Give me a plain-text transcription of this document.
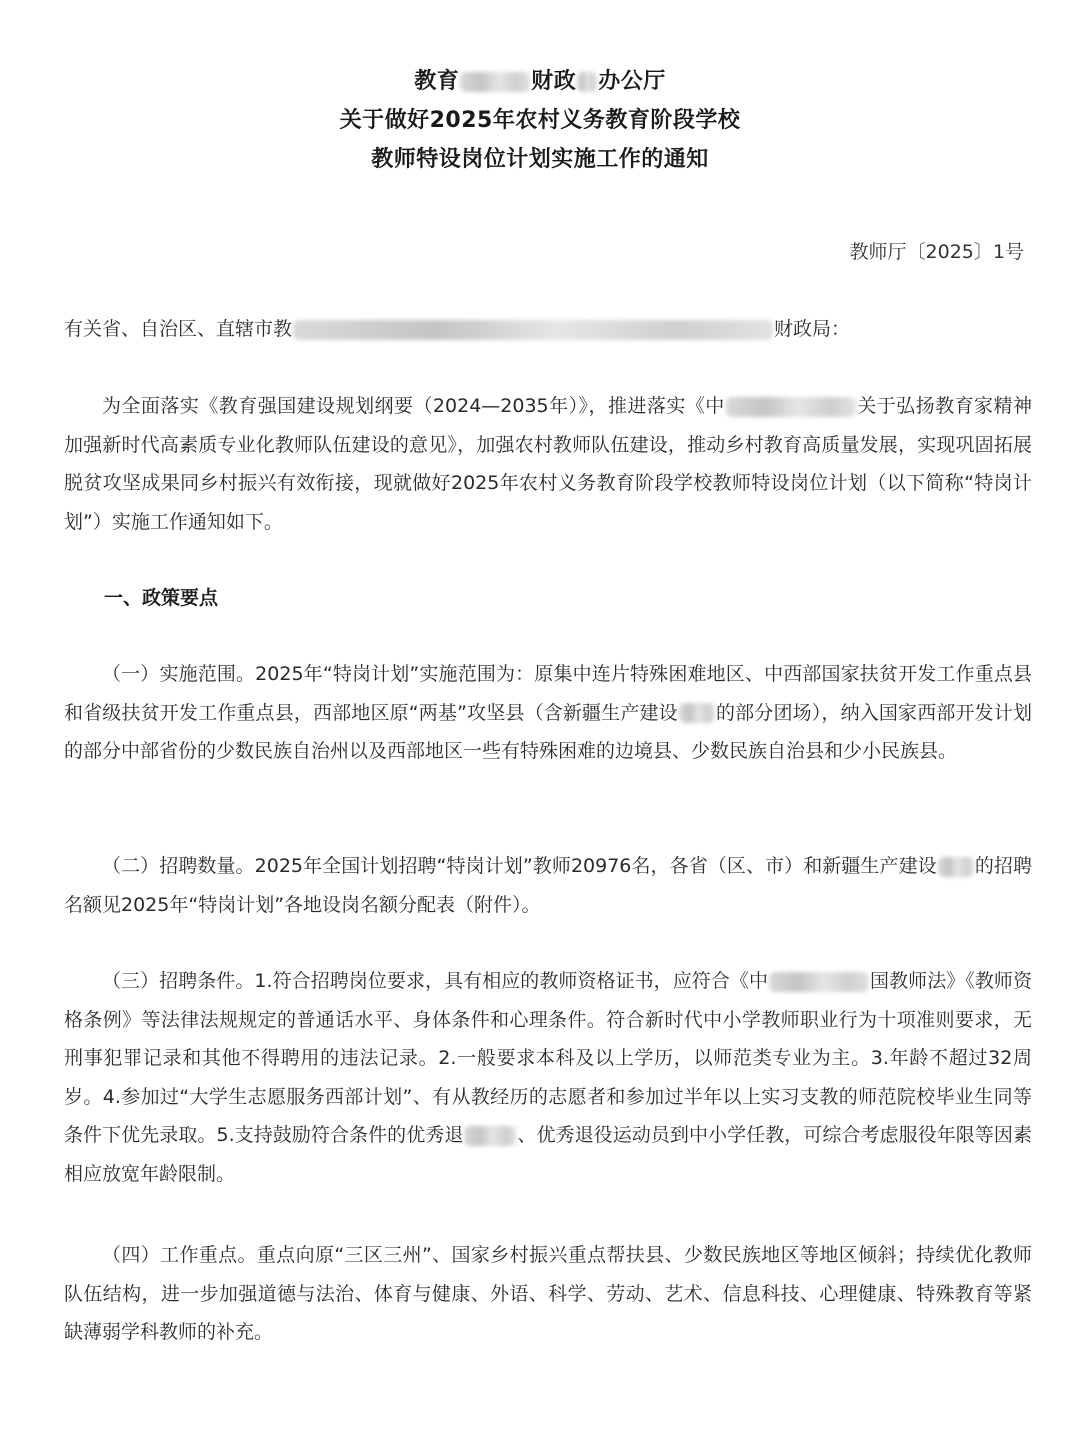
教育	财政 办公厅
关于做好2025年农村义务教育阶段学校
教师特设岗位计划实施工作的通知
教师厅〔2025〕1号
有关省、自治区、直辖市教	财政局：
为全面落实《教育强国建设规划纲要（2024—2035年）》，推进落实《中	关于弘扬教育家精神加强新时代高素质专业化教师队伍建设的意见》，加强农村教师队伍建设，推动乡村教育高质量发展，实现巩固拓展脱贫攻坚成果同乡村振兴有效衔接，现就做好2025年农村义务教育阶段学校教师特设岗位计划（以下简称“特岗计划”）实施工作通知如下。
一、政策要点
（一）实施范围。2025年“特岗计划”实施范围为：原集中连片特殊困难地区、中西部国家扶贫开发工作重点县和省级扶贫开发工作重点县，西部地区原“两基”攻坚县（含新疆生产建设 的部分团场），纳入国家西部开发计划的部分中部省份的少数民族自治州以及西部地区一些有特殊困难的边境县、少数民族自治县和少小民族县。
（二）招聘数量。2025年全国计划招聘“特岗计划”教师20976名，各省（区、市）和新疆生产建设 的招聘名额见2025年“特岗计划”各地设岗名额分配表（附件）。
（三）招聘条件。1.符合招聘岗位要求，具有相应的教师资格证书，应符合《中	国教师法》《教师资格条例》等法律法规规定的普通话水平、身体条件和心理条件。符合新时代中小学教师职业行为十项准则要求，无刑事犯罪记录和其他不得聘用的违法记录。2.一般要求本科及以上学历，以师范类专业为主。3.年龄不超过32周岁。4.参加过“大学生志愿服务西部计划”、有从教经历的志愿者和参加过半年以上实习支教的师范院校毕业生同等条件下优先录取。5.支持鼓励符合条件的优秀退	、优秀退役运动员到中小学任教，可综合考虑服役年限等因素相应放宽年龄限制。
（四）工作重点。重点向原“三区三州”、国家乡村振兴重点帮扶县、少数民族地区等地区倾斜；持续优化教师队伍结构，进一步加强道德与法治、体育与健康、外语、科学、劳动、艺术、信息科技、心理健康、特殊教育等紧缺薄弱学科教师的补充。
